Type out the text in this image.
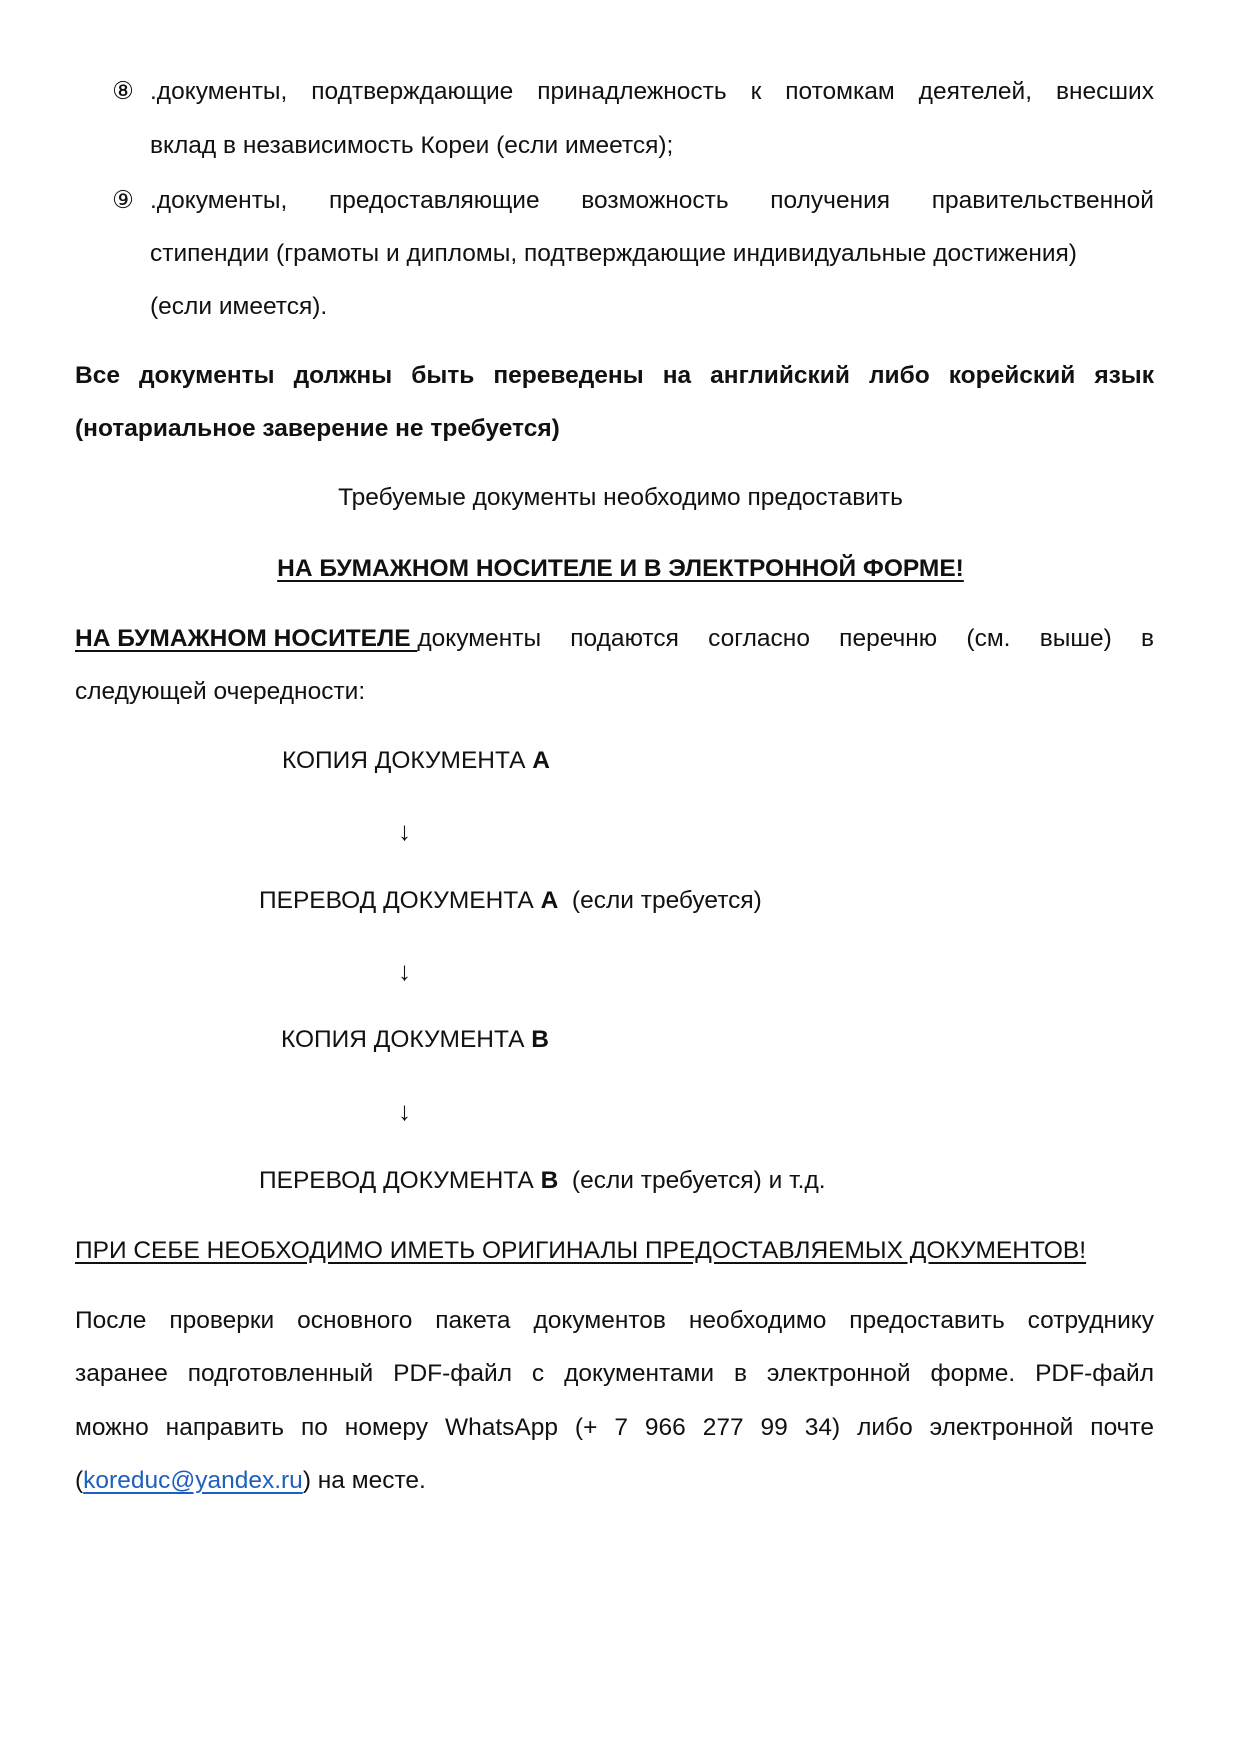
⑧ .документы, подтверждающие принадлежность к потомкам деятелей, внесших
вклад в независимость Кореи (если имеется);
⑨ .документы, предоставляющие возможность получения правительственной
стипендии (грамоты и дипломы, подтверждающие индивидуальные достижения)
(если имеется).
Все документы должны быть переведены на английский либо корейский язык
(нотариальное заверение не требуется)
Требуемые документы необходимо предоставить
НА БУМАЖНОМ НОСИТЕЛЕ И В ЭЛЕКТРОННОЙ ФОРМЕ!
НА БУМАЖНОМ НОСИТЕЛЕ документы подаются согласно перечню (см. выше) в
следующей очередности:
КОПИЯ ДОКУМЕНТА А
↓
ПЕРЕВОД ДОКУМЕНТА А  (если требуется)
↓
КОПИЯ ДОКУМЕНТА В
↓
ПЕРЕВОД ДОКУМЕНТА В  (если требуется) и т.д.
ПРИ СЕБЕ НЕОБХОДИМО ИМЕТЬ ОРИГИНАЛЫ ПРЕДОСТАВЛЯЕМЫХ ДОКУМЕНТОВ!
После проверки основного пакета документов необходимо предоставить сотруднику
заранее подготовленный PDF-файл с документами в электронной форме. PDF-файл
можно направить по номеру WhatsApp (+ 7 966 277 99 34) либо электронной почте
(koreduc@yandex.ru) на месте.
